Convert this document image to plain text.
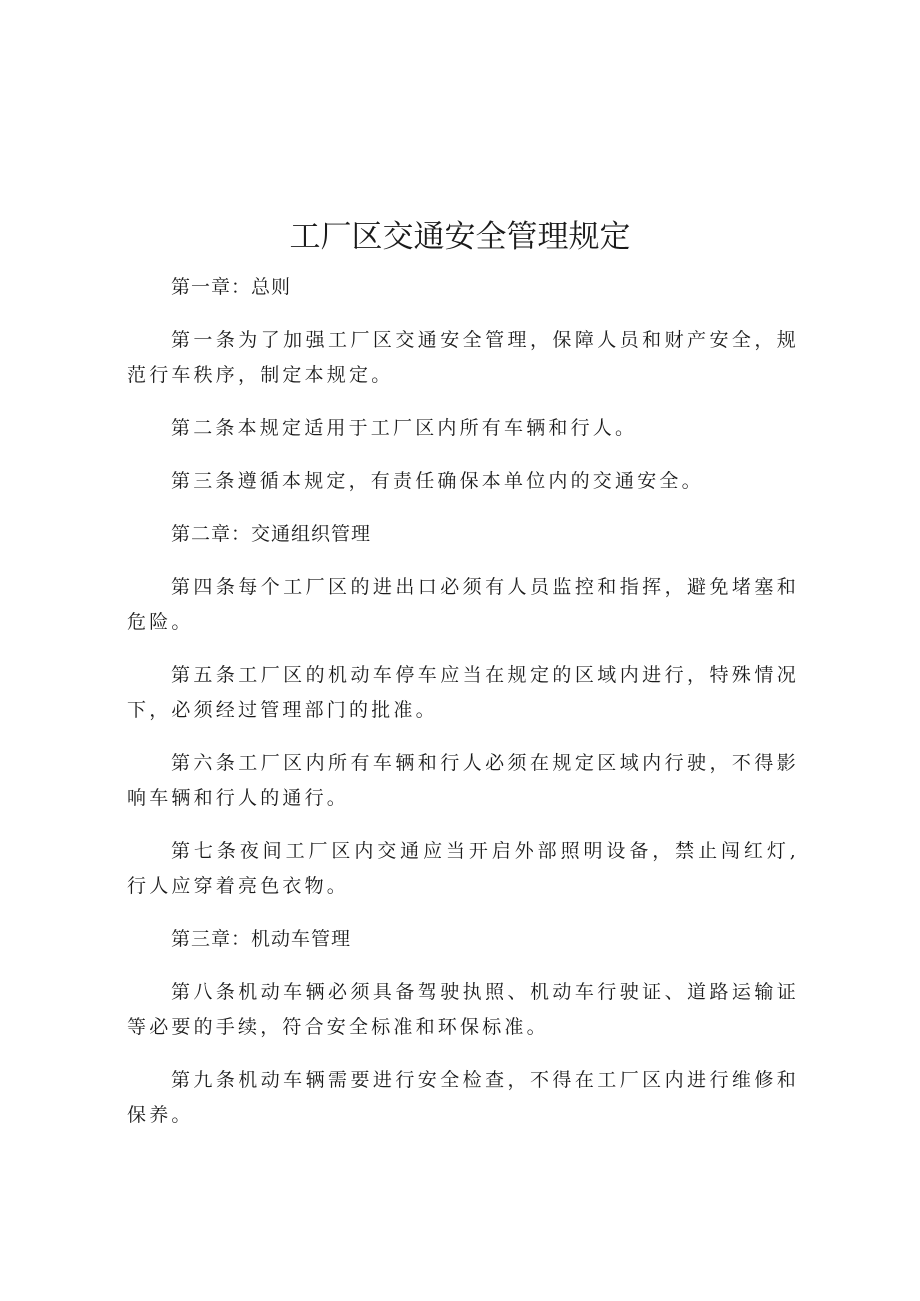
工厂区交通安全管理规定

第一章：总则

第一条为了加强工厂区交通安全管理，保障人员和财产安全，规范行车秩序，制定本规定。

第二条本规定适用于工厂区内所有车辆和行人。

第三条遵循本规定，有责任确保本单位内的交通安全。

第二章：交通组织管理

第四条每个工厂区的进出口必须有人员监控和指挥，避免堵塞和危险。

第五条工厂区的机动车停车应当在规定的区域内进行，特殊情况下，必须经过管理部门的批准。

第六条工厂区内所有车辆和行人必须在规定区域内行驶，不得影响车辆和行人的通行。

第七条夜间工厂区内交通应当开启外部照明设备，禁止闯红灯,行人应穿着亮色衣物。

第三章：机动车管理

第八条机动车辆必须具备驾驶执照、机动车行驶证、道路运输证等必要的手续，符合安全标准和环保标准。

第九条机动车辆需要进行安全检查，不得在工厂区内进行维修和保养。
